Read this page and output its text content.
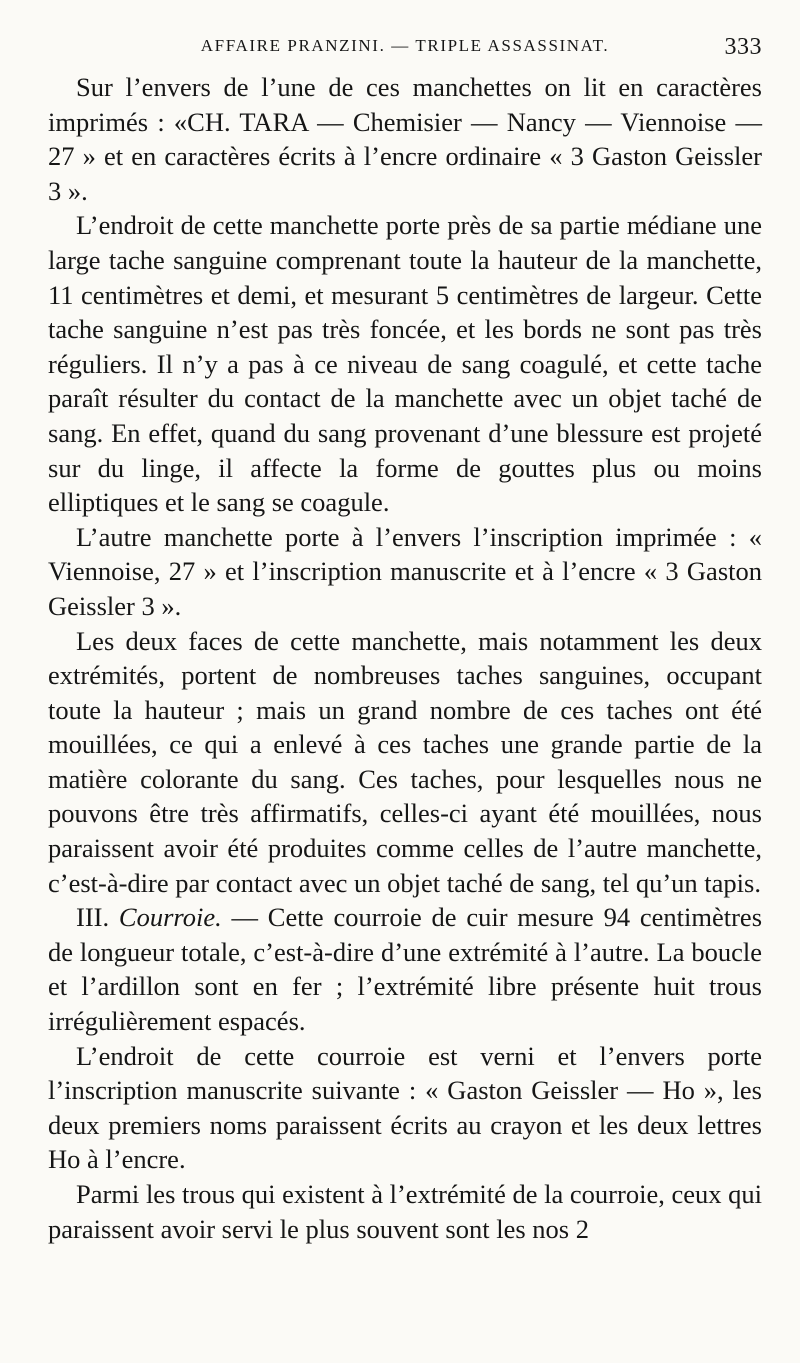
AFFAIRE PRANZINI. — TRIPLE ASSASSINAT.	333

Sur l’envers de l’une de ces manchettes on lit en caractères imprimés : «CH. TARA — Chemisier — Nancy — Viennoise — 27 » et en caractères écrits à l’encre ordinaire « 3 Gaston Geissler 3 ».

L’endroit de cette manchette porte près de sa partie médiane une large tache sanguine comprenant toute la hauteur de la manchette, 11 centimètres et demi, et mesurant 5 centimètres de largeur. Cette tache sanguine n’est pas très foncée, et les bords ne sont pas très réguliers. Il n’y a pas à ce niveau de sang coagulé, et cette tache paraît résulter du contact de la manchette avec un objet taché de sang. En effet, quand du sang provenant d’une blessure est projeté sur du linge, il affecte la forme de gouttes plus ou moins elliptiques et le sang se coagule.

L’autre manchette porte à l’envers l’inscription imprimée : « Viennoise, 27 » et l’inscription manuscrite et à l’encre « 3 Gaston Geissler 3 ».

Les deux faces de cette manchette, mais notamment les deux extrémités, portent de nombreuses taches sanguines, occupant toute la hauteur ; mais un grand nombre de ces taches ont été mouillées, ce qui a enlevé à ces taches une grande partie de la matière colorante du sang. Ces taches, pour lesquelles nous ne pouvons être très affirmatifs, celles-ci ayant été mouillées, nous paraissent avoir été produites comme celles de l’autre manchette, c’est-à-dire par contact avec un objet taché de sang, tel qu’un tapis.

III. Courroie. — Cette courroie de cuir mesure 94 centimètres de longueur totale, c’est-à-dire d’une extrémité à l’autre. La boucle et l’ardillon sont en fer ; l’extrémité libre présente huit trous irrégulièrement espacés.

L’endroit de cette courroie est verni et l’envers porte l’inscription manuscrite suivante : « Gaston Geissler — Ho », les deux premiers noms paraissent écrits au crayon et les deux lettres Ho à l’encre.

Parmi les trous qui existent à l’extrémité de la courroie, ceux qui paraissent avoir servi le plus souvent sont les nos 2
